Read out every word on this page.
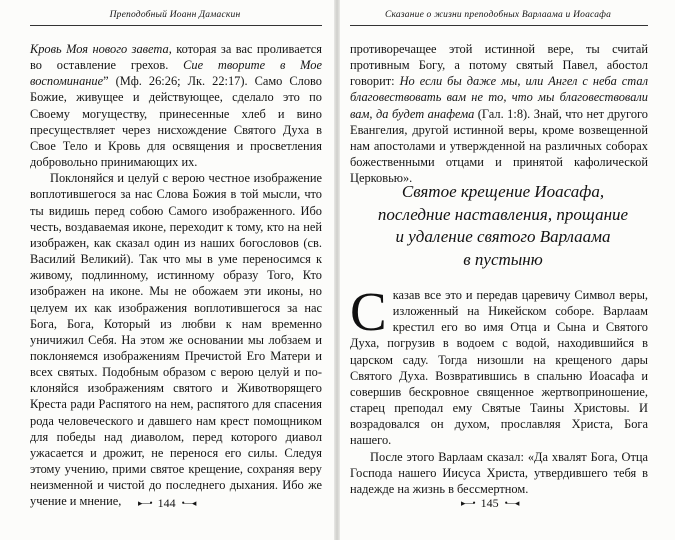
Преподобный Иоанн Дамаскин

Кровь Моя нового завета, которая за вас проливается во оставление грехов. Сие творите в Мое воспоминание” (Мф. 26:26; Лк. 22:17). Само Слово Божие, живущее и действующее, сделало это по Своему могуществу, принесенные хлеб и вино пресуществляет через нисхождение Святого Духа в Свое Тело и Кровь для освящения и просветления добровольно принимающих их.

Поклоняйся и целуй с верою честное изображение воплотившегося за нас Слова Божия в той мысли, что ты видишь перед собою Самого изображенного. Ибо честь, воздаваемая иконе, переходит к тому, кто на ней изображен, как сказал один из наших богословов (св. Василий Великий). Так что мы в уме переносимся к живому, подлинному, истинному образу Того, Кто изображен на иконе. Мы не обожаем эти иконы, но целуем их как изображения воплотившегося за нас Бога, Бога, Который из любви к нам временно уничижил Себя. На этом же основании мы лобзаем и поклоняемся изображениям Пречистой Его Матери и всех святых. Подобным образом с верою целуй и поклоняйся изображениям святого и Животворящего Креста ради Распятого на нем, распятого для спасения рода человеческого и давшего нам крест помощником для победы над диаволом, перед которого диавол ужасается и дрожит, не перенося его силы. Следуя этому учению, прими святое крещение, сохраняя веру неизменной и чистой до последнего дыхания. Ибо же учение и мнение,	▸—• 144 •—◂
Сказание о жизни преподобных Варлаама и Иоасафа

противоречащее этой истинной вере, ты считай противным Богу, а потому святый Павел, абостол говорит: Но если бы даже мы, или Ангел с неба стал благовествовать вам не то, что мы благовествовали вам, да будет анафема (Гал. 1:8). Знай, что нет другого Евангелия, другой истинной веры, кроме возвещенной нам апостолами и утвержденной на различных соборах божественными отцами и принятой кафолической Церковью».

Святое крещение Иоасафа,
последние наставления, прощание
и удаление святого Варлаама
в пустыню

Сказав все это и передав царевичу Символ веры, изложенный на Никейском соборе. Варлаам крестил его во имя Отца и Сына и Святого Духа, погрузив в водоем с водой, находившийся в царском саду. Тогда низошли на крещеного дары Святого Духа. Возвратившись в спальню Иоасафа и совершив бескровное священное жертвоприношение, старец преподал ему Святые Таины Христовы. И возрадовался он духом, прославляя Христа, Бога нашего.

После этого Варлаам сказал: «Да хвалят Бога, Отца Господа нашего Иисуса Христа, утвердившего тебя в надежде на жизнь в бессмертном.

▸—• 145 •—◂
